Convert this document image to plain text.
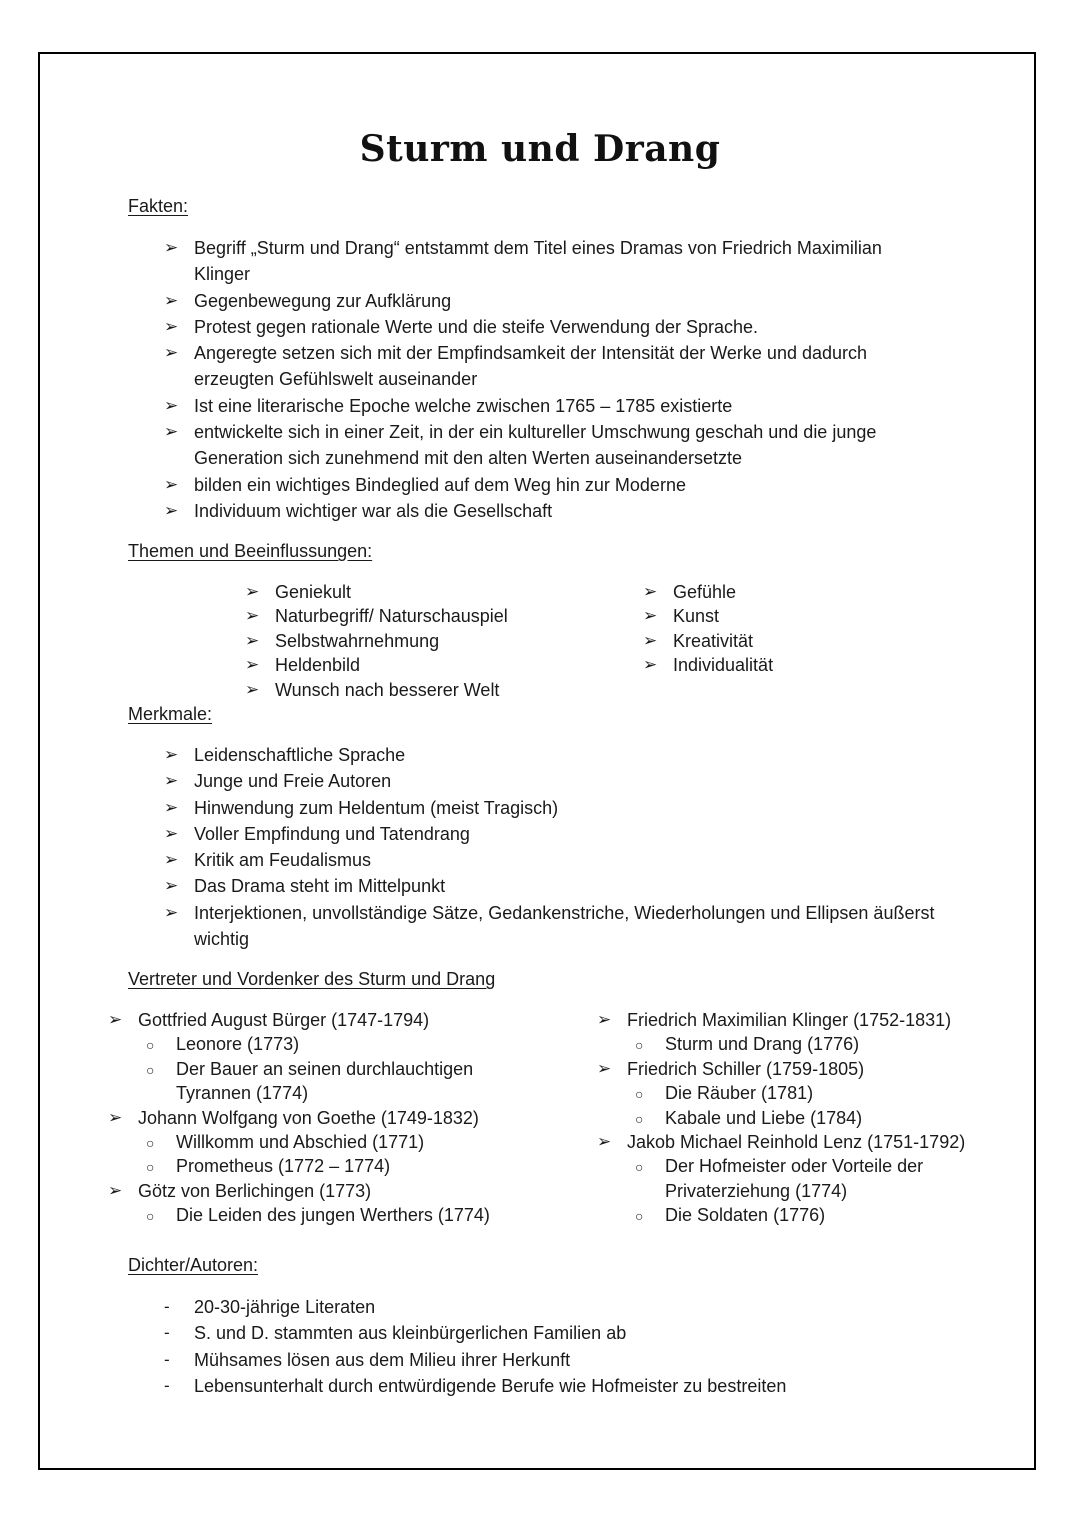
Sturm und Drang
Fakten:
➢ Begriff „Sturm und Drang“ entstammt dem Titel eines Dramas von Friedrich Maximilian
Klinger
➢ Gegenbewegung zur Aufklärung
➢ Protest gegen rationale Werte und die steife Verwendung der Sprache.
➢ Angeregte setzen sich mit der Empfindsamkeit der Intensität der Werke und dadurch
erzeugten Gefühlswelt auseinander
➢ Ist eine literarische Epoche welche zwischen 1765 – 1785 existierte
➢ entwickelte sich in einer Zeit, in der ein kultureller Umschwung geschah und die junge
Generation sich zunehmend mit den alten Werten auseinandersetzte
➢ bilden ein wichtiges Bindeglied auf dem Weg hin zur Moderne
➢ Individuum wichtiger war als die Gesellschaft
Themen und Beeinflussungen:
➢ Geniekult
➢ Naturbegriff/ Naturschauspiel
➢ Selbstwahrnehmung
➢ Heldenbild
➢ Wunsch nach besserer Welt
➢ Gefühle
➢ Kunst
➢ Kreativität
➢ Individualität
Merkmale:
➢ Leidenschaftliche Sprache
➢ Junge und Freie Autoren
➢ Hinwendung zum Heldentum (meist Tragisch)
➢ Voller Empfindung und Tatendrang
➢ Kritik am Feudalismus
➢ Das Drama steht im Mittelpunkt
➢ Interjektionen, unvollständige Sätze, Gedankenstriche, Wiederholungen und Ellipsen äußerst
wichtig
Vertreter und Vordenker des Sturm und Drang
➢ Gottfried August Bürger (1747-1794)
○ Leonore (1773)
○ Der Bauer an seinen durchlauchtigen
Tyrannen (1774)
➢ Johann Wolfgang von Goethe (1749-1832)
○ Willkomm und Abschied (1771)
○ Prometheus (1772 – 1774)
➢ Götz von Berlichingen (1773)
○ Die Leiden des jungen Werthers (1774)
➢ Friedrich Maximilian Klinger (1752-1831)
○ Sturm und Drang (1776)
➢ Friedrich Schiller (1759-1805)
○ Die Räuber (1781)
○ Kabale und Liebe (1784)
➢ Jakob Michael Reinhold Lenz (1751-1792)
○ Der Hofmeister oder Vorteile der
Privaterziehung (1774)
○ Die Soldaten (1776)
Dichter/Autoren:
- 20-30-jährige Literaten
- S. und D. stammten aus kleinbürgerlichen Familien ab
- Mühsames lösen aus dem Milieu ihrer Herkunft
- Lebensunterhalt durch entwürdigende Berufe wie Hofmeister zu bestreiten
